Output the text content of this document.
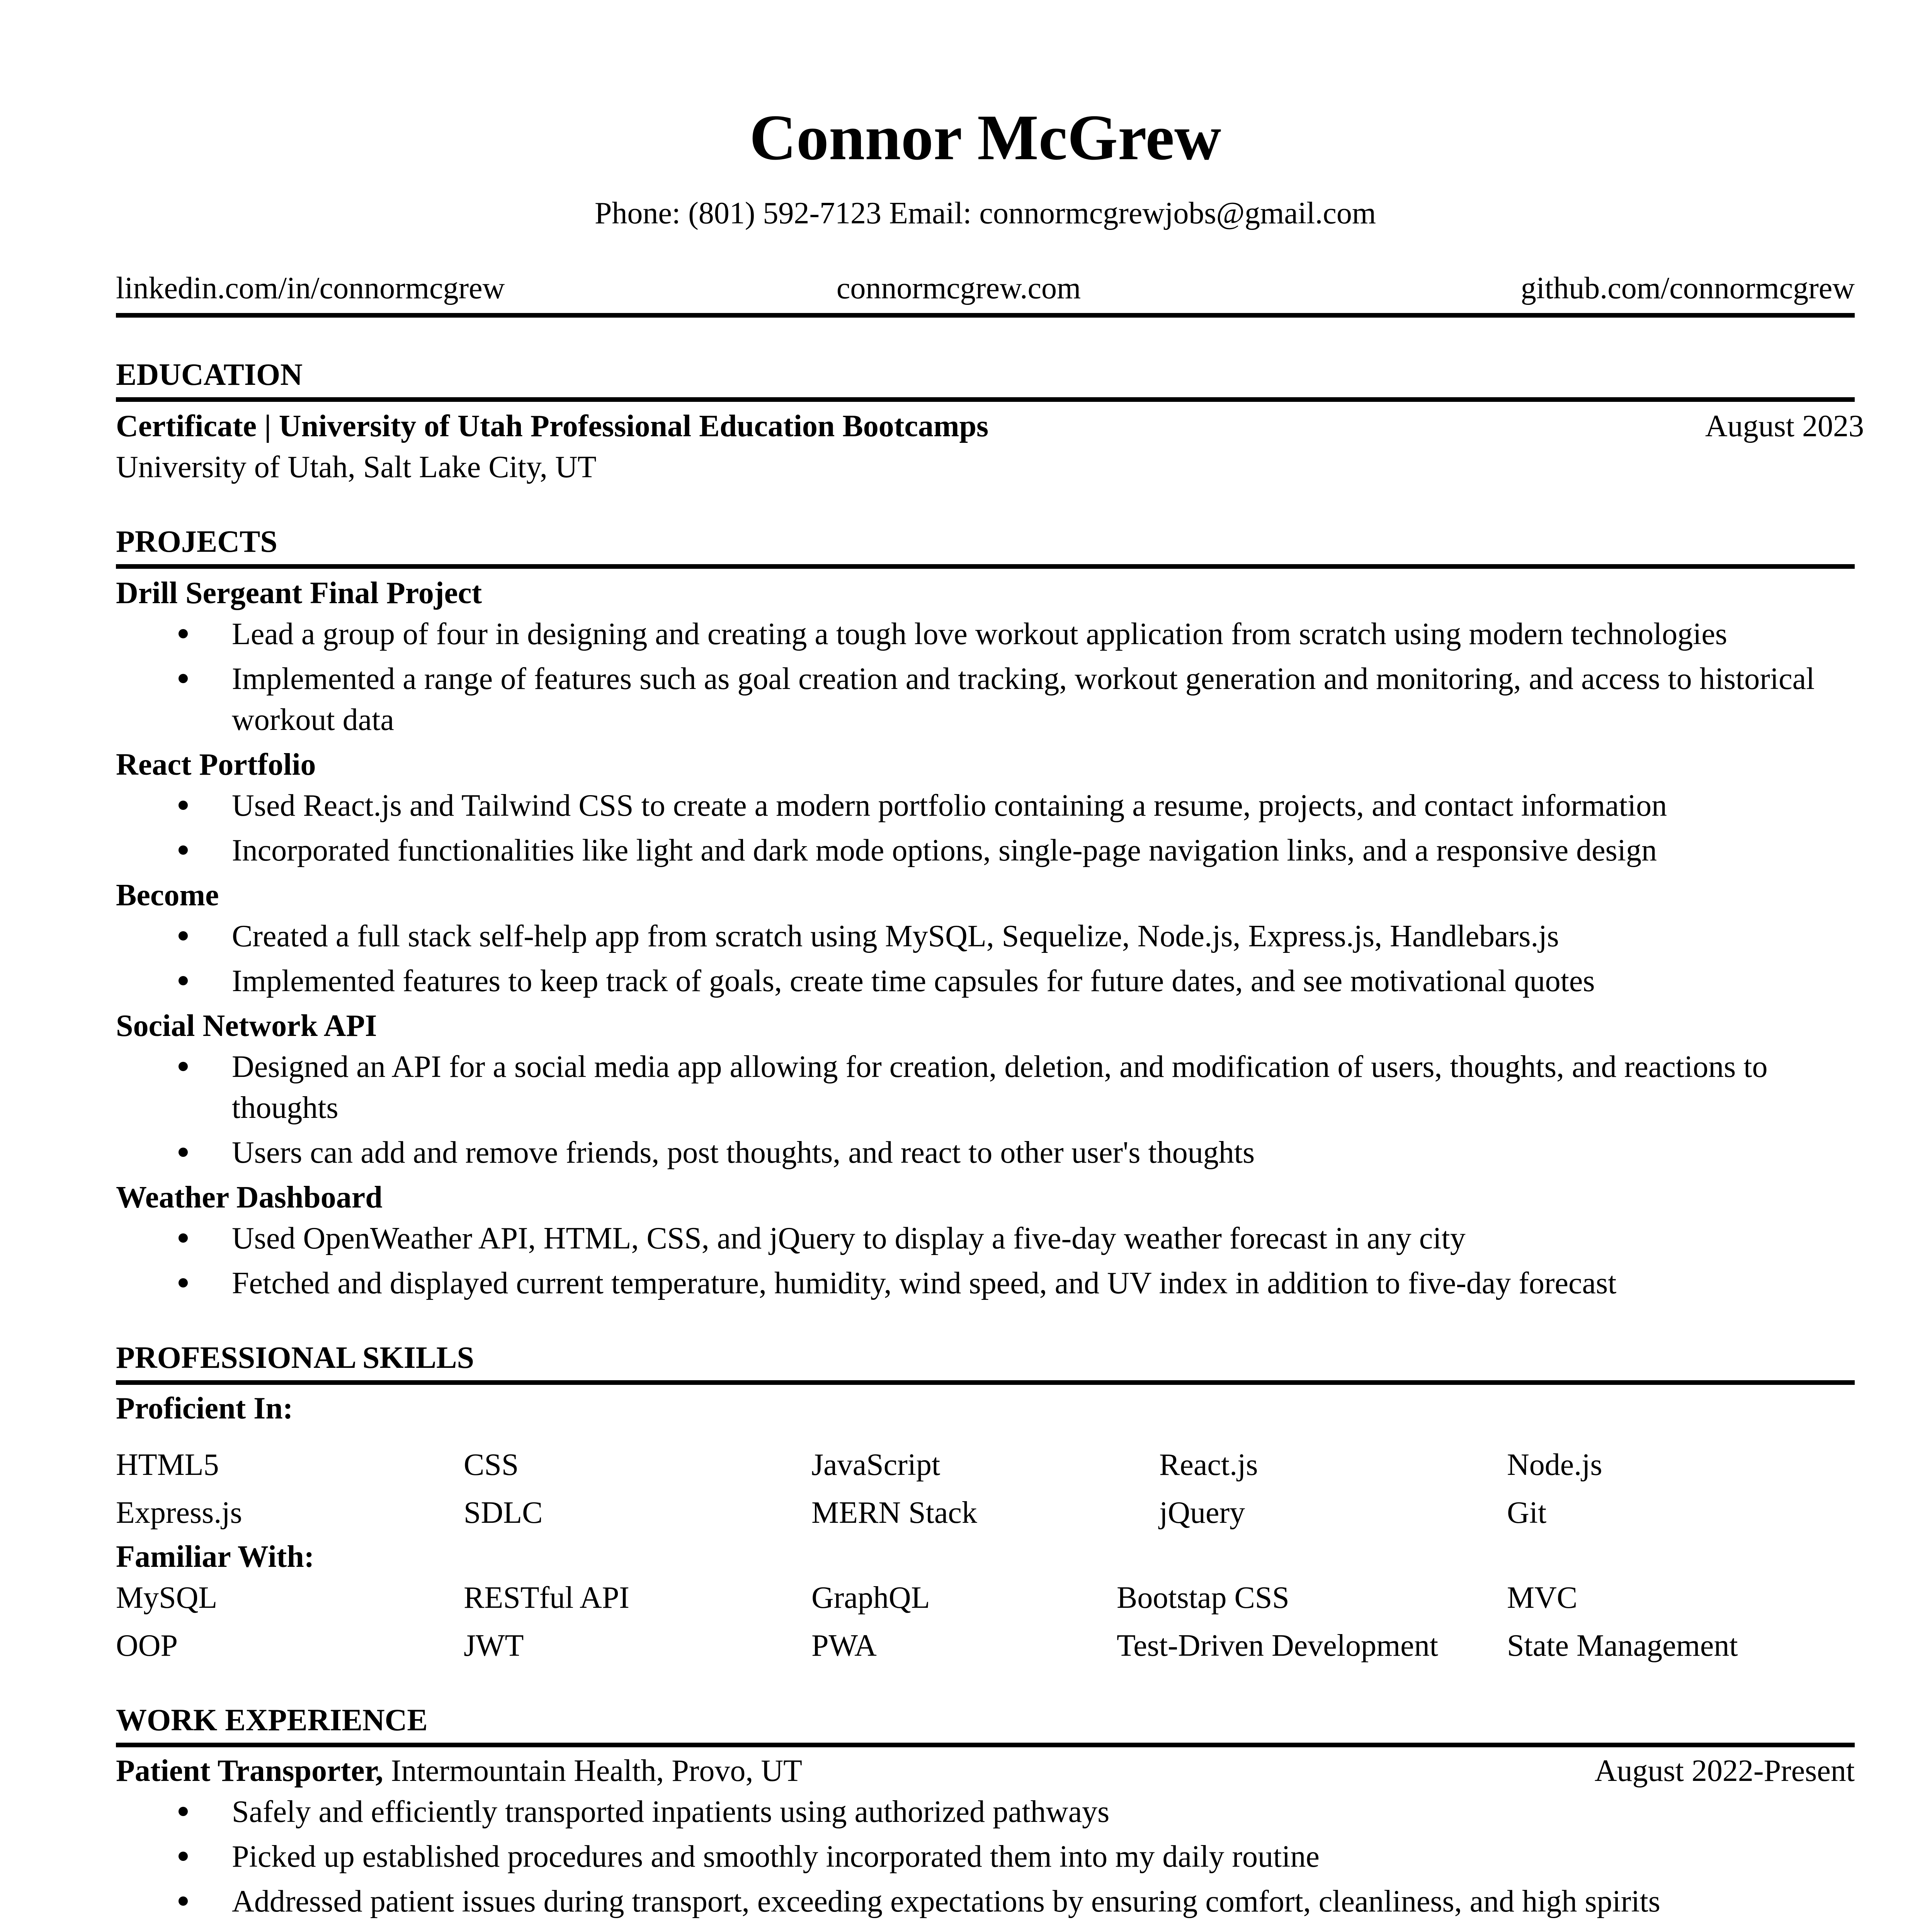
Connor McGrew
Phone: (801) 592-7123 Email: connormcgrewjobs@gmail.com
linkedin.com/in/connormcgrew	connormcgrew.com	github.com/connormcgrew
EDUCATION
Certificate | University of Utah Professional Education Bootcamps	August 2023
University of Utah, Salt Lake City, UT
PROJECTS
Drill Sergeant Final Project
Lead a group of four in designing and creating a tough love workout application from scratch using modern technologies
Implemented a range of features such as goal creation and tracking, workout generation and monitoring, and access to historical workout data
React Portfolio
Used React.js and Tailwind CSS to create a modern portfolio containing a resume, projects, and contact information
Incorporated functionalities like light and dark mode options, single-page navigation links, and a responsive design
Become
Created a full stack self-help app from scratch using MySQL, Sequelize, Node.js, Express.js, Handlebars.js
Implemented features to keep track of goals, create time capsules for future dates, and see motivational quotes
Social Network API
Designed an API for a social media app allowing for creation, deletion, and modification of users, thoughts, and reactions to thoughts
Users can add and remove friends, post thoughts, and react to other user's thoughts
Weather Dashboard
Used OpenWeather API, HTML, CSS, and jQuery to display a five-day weather forecast in any city
Fetched and displayed current temperature, humidity, wind speed, and UV index in addition to five-day forecast
PROFESSIONAL SKILLS
Proficient In:
HTML5	CSS	JavaScript	React.js	Node.js
Express.js	SDLC	MERN Stack	jQuery	Git
Familiar With:
MySQL	RESTful API	GraphQL	Bootstap CSS	MVC
OOP	JWT	PWA	Test-Driven Development	State Management
WORK EXPERIENCE
Patient Transporter, Intermountain Health, Provo, UT	August 2022-Present
Safely and efficiently transported inpatients using authorized pathways
Picked up established procedures and smoothly incorporated them into my daily routine
Addressed patient issues during transport, exceeding expectations by ensuring comfort, cleanliness, and high spirits
